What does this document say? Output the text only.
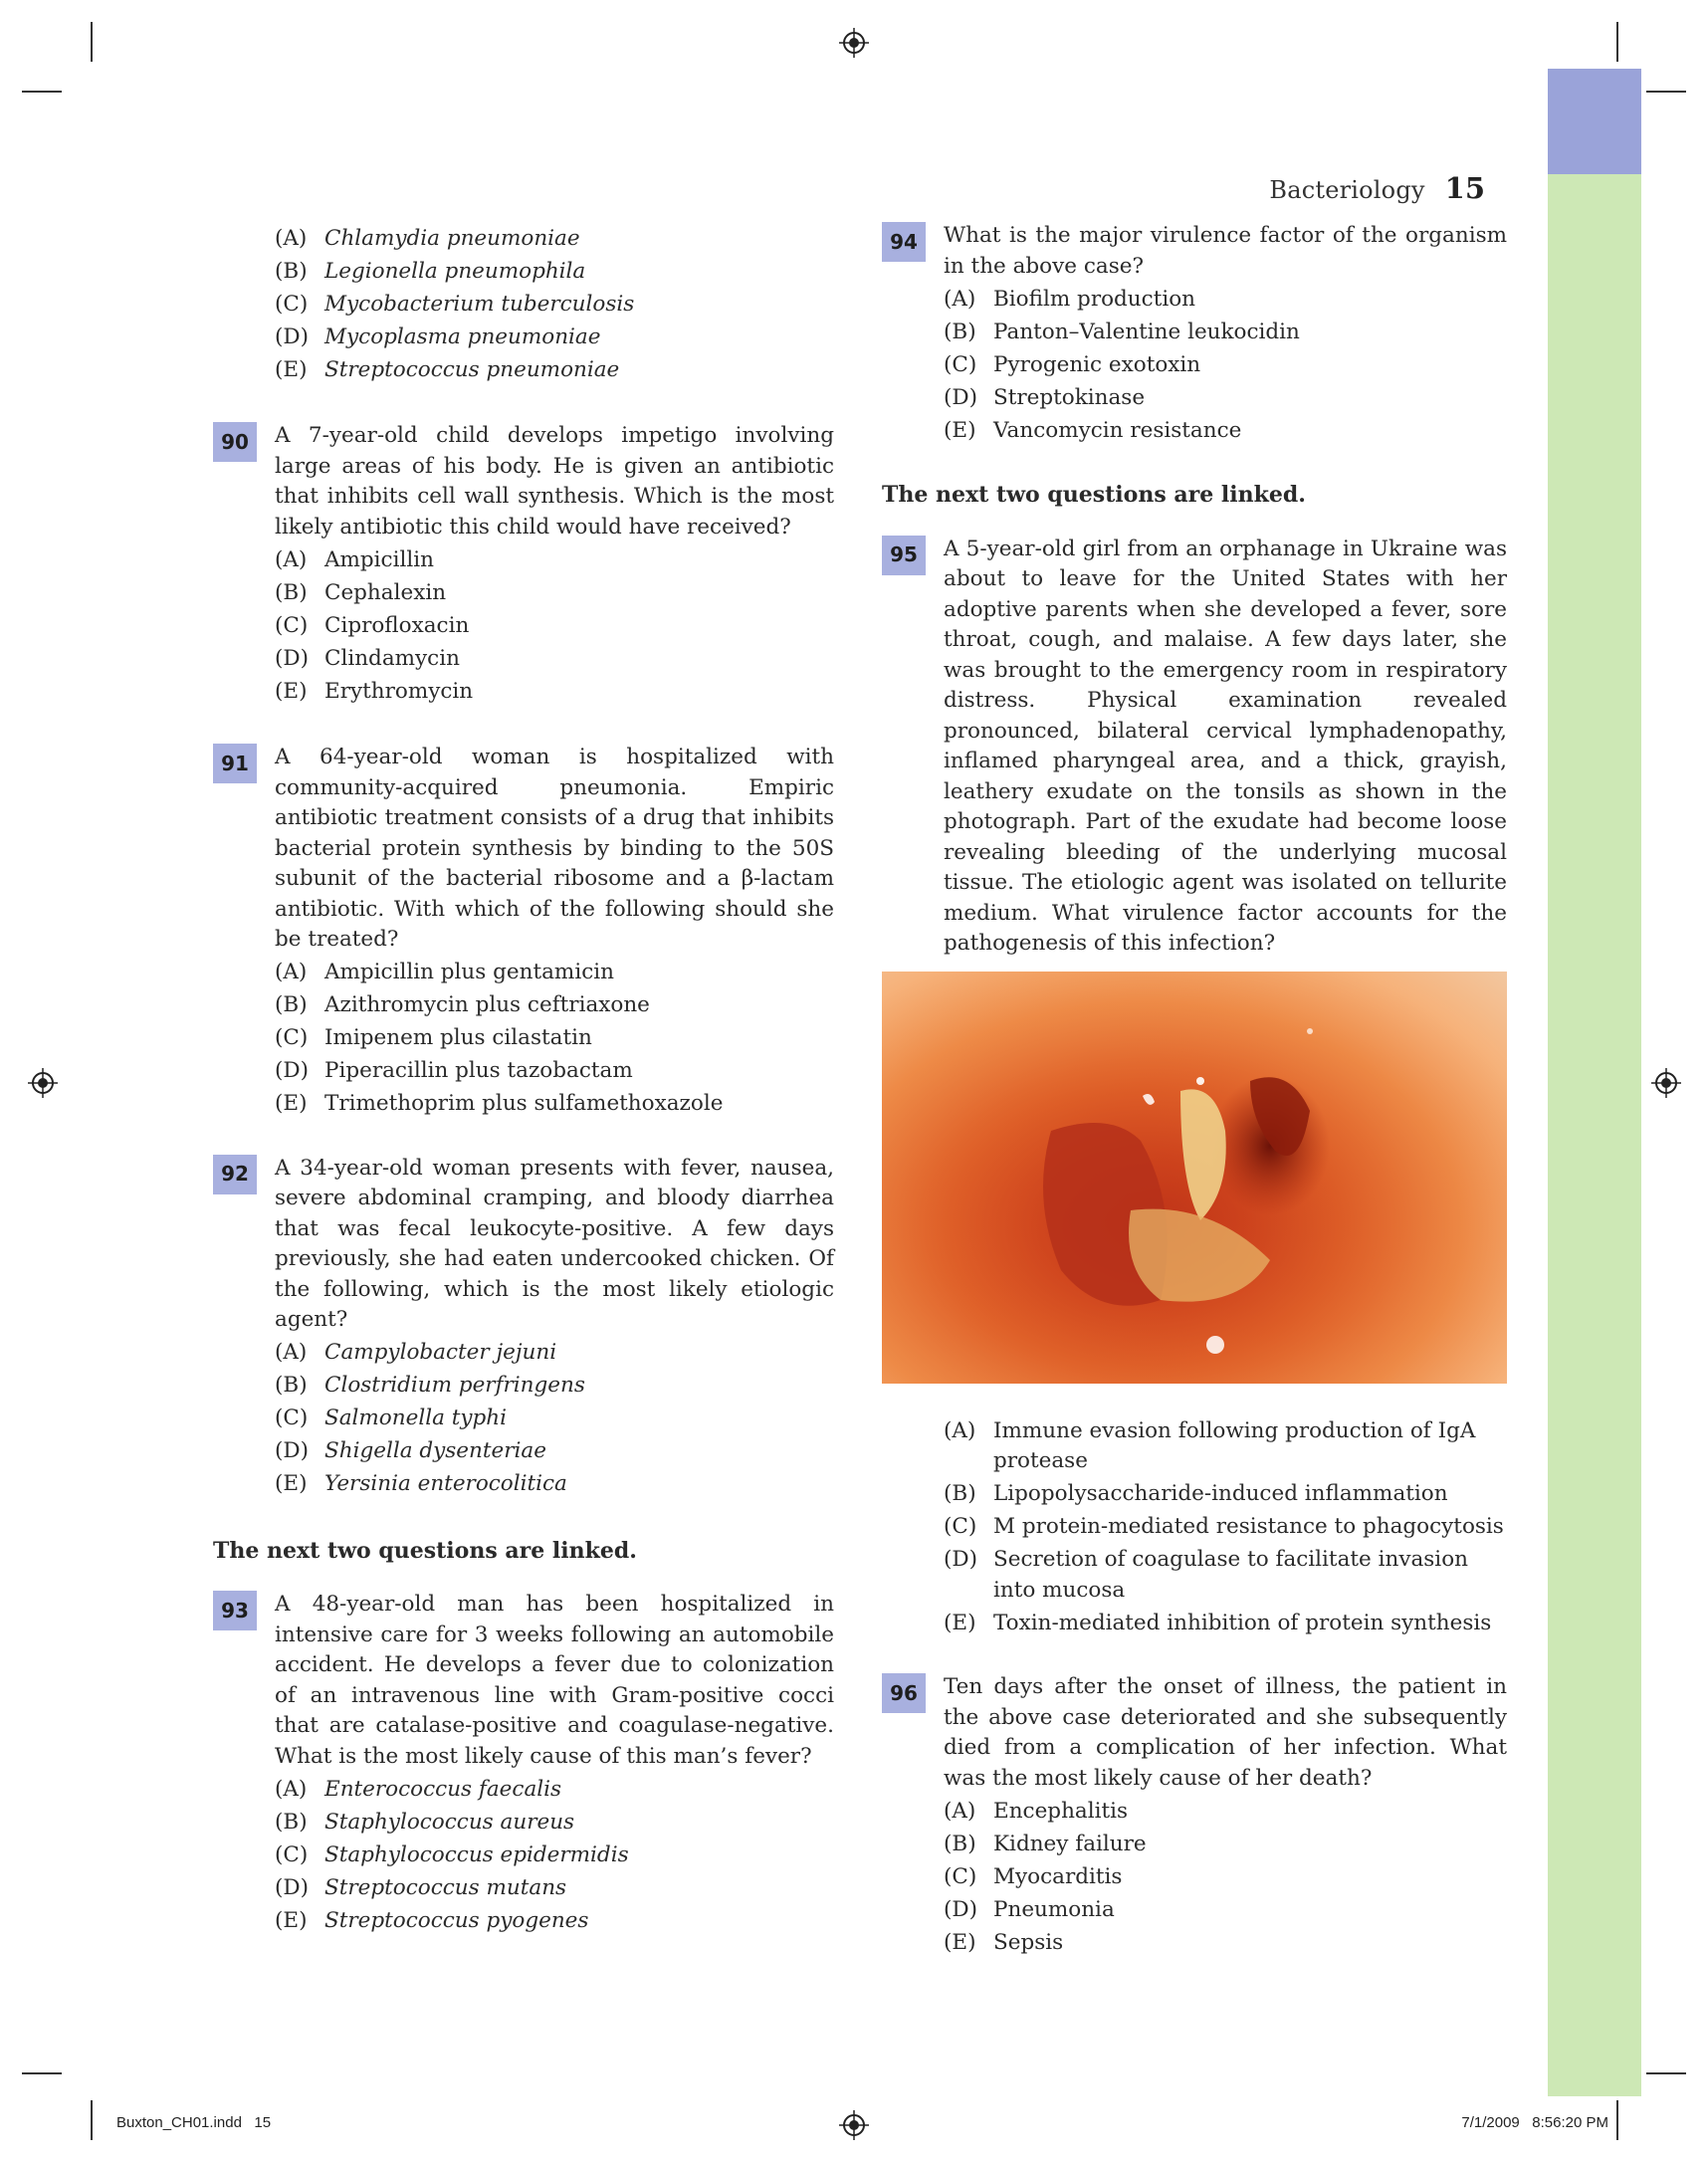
Bacteriology 15
(A) Chlamydia pneumoniae
(B) Legionella pneumophila
(C) Mycobacterium tuberculosis
(D) Mycoplasma pneumoniae
(E) Streptococcus pneumoniae
90	A 7-year-old child develops impetigo involving large areas of his body. He is given an antibiotic that inhibits cell wall synthesis. Which is the most likely antibiotic this child would have received?
(A) Ampicillin
(B) Cephalexin
(C) Ciprofloxacin
(D) Clindamycin
(E) Erythromycin
91	A 64-year-old woman is hospitalized with community-acquired pneumonia. Empiric antibiotic treatment consists of a drug that inhibits bacterial protein synthesis by binding to the 50S subunit of the bacterial ribosome and a β-lactam antibiotic. With which of the following should she be treated?
(A) Ampicillin plus gentamicin
(B) Azithromycin plus ceftriaxone
(C) Imipenem plus cilastatin
(D) Piperacillin plus tazobactam
(E) Trimethoprim plus sulfamethoxazole
92	A 34-year-old woman presents with fever, nausea, severe abdominal cramping, and bloody diarrhea that was fecal leukocyte-positive. A few days previously, she had eaten undercooked chicken. Of the following, which is the most likely etiologic agent?
(A) Campylobacter jejuni
(B) Clostridium perfringens
(C) Salmonella typhi
(D) Shigella dysenteriae
(E) Yersinia enterocolitica
The next two questions are linked.
93	A 48-year-old man has been hospitalized in intensive care for 3 weeks following an automobile accident. He develops a fever due to colonization of an intravenous line with Gram-positive cocci that are catalase-positive and coagulase-negative. What is the most likely cause of this man’s fever?
(A) Enterococcus faecalis
(B) Staphylococcus aureus
(C) Staphylococcus epidermidis
(D) Streptococcus mutans
(E) Streptococcus pyogenes
94	What is the major virulence factor of the organism in the above case?
(A) Biofilm production
(B) Panton–Valentine leukocidin
(C) Pyrogenic exotoxin
(D) Streptokinase
(E) Vancomycin resistance
The next two questions are linked.
95	A 5-year-old girl from an orphanage in Ukraine was about to leave for the United States with her adoptive parents when she developed a fever, sore throat, cough, and malaise. A few days later, she was brought to the emergency room in respiratory distress. Physical examination revealed pronounced, bilateral cervical lymphadenopathy, inflamed pharyngeal area, and a thick, grayish, leathery exudate on the tonsils as shown in the photograph. Part of the exudate had become loose revealing bleeding of the underlying mucosal tissue. The etiologic agent was isolated on tellurite medium. What virulence factor accounts for the pathogenesis of this infection?
(A) Immune evasion following production of IgA protease
(B) Lipopolysaccharide-induced inflammation
(C) M protein-mediated resistance to phagocytosis
(D) Secretion of coagulase to facilitate invasion into mucosa
(E) Toxin-mediated inhibition of protein synthesis
96	Ten days after the onset of illness, the patient in the above case deteriorated and she subsequently died from a complication of her infection. What was the most likely cause of her death?
(A) Encephalitis
(B) Kidney failure
(C) Myocarditis
(D) Pneumonia
(E) Sepsis
Buxton_CH01.indd   15	7/1/2009   8:56:20 PM
